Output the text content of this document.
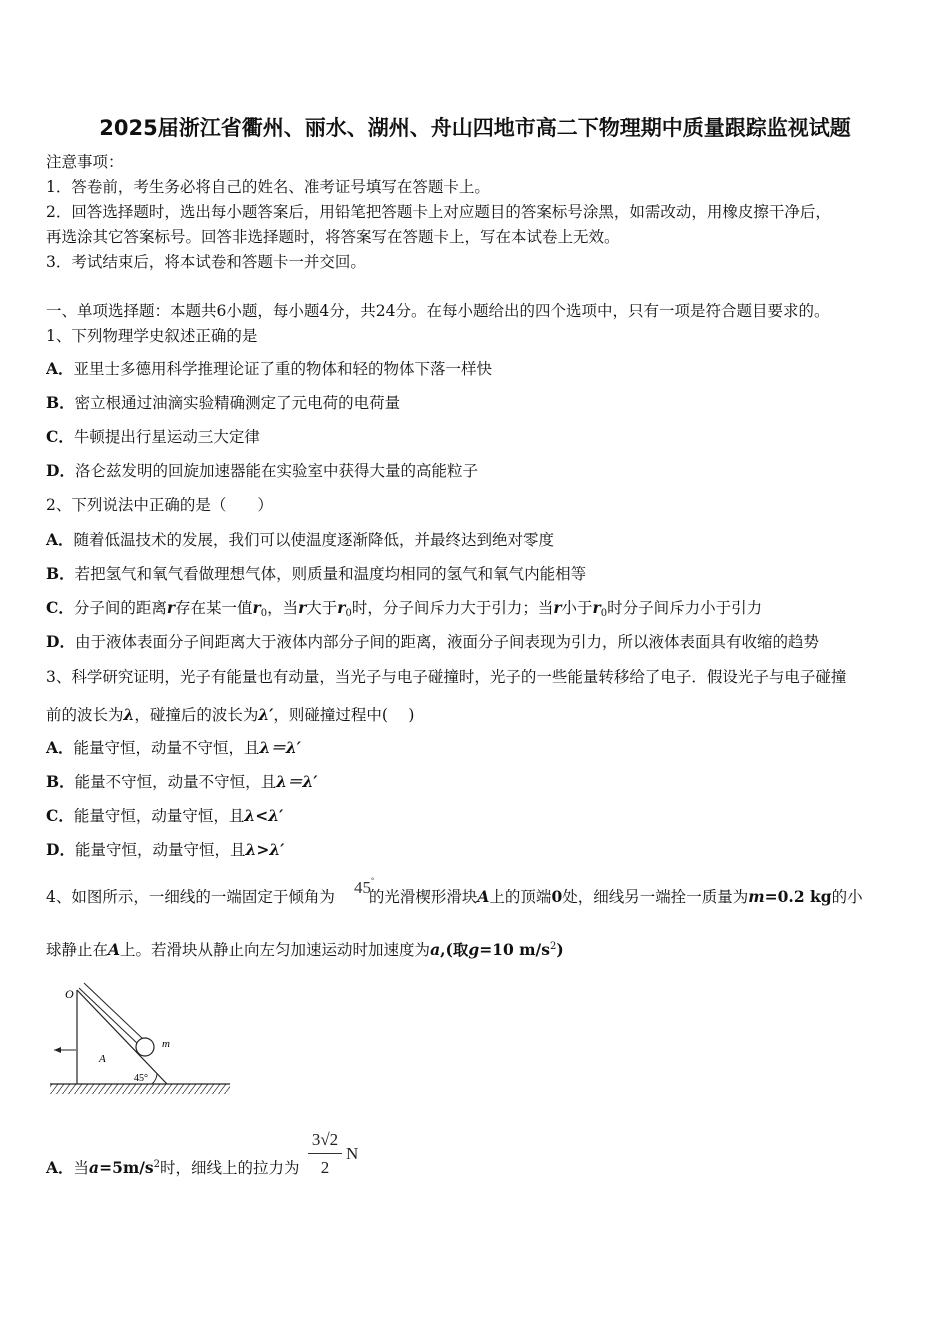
2025届浙江省衢州、丽水、湖州、舟山四地市高二下物理期中质量跟踪监视试题
注意事项：
1．答卷前，考生务必将自己的姓名、准考证号填写在答题卡上。
2．回答选择题时，选出每小题答案后，用铅笔把答题卡上对应题目的答案标号涂黑，如需改动，用橡皮擦干净后，
再选涂其它答案标号。回答非选择题时，将答案写在答题卡上，写在本试卷上无效。
3．考试结束后，将本试卷和答题卡一并交回。
一、单项选择题：本题共6小题，每小题4分，共24分。在每小题给出的四个选项中，只有一项是符合题目要求的。
1、下列物理学史叙述正确的是
A．亚里士多德用科学推理论证了重的物体和轻的物体下落一样快
B．密立根通过油滴实验精确测定了元电荷的电荷量
C．牛顿提出行星运动三大定律
D．洛仑兹发明的回旋加速器能在实验室中获得大量的高能粒子
2、下列说法中正确的是（　　）
A．随着低温技术的发展，我们可以使温度逐渐降低，并最终达到绝对零度
B．若把氢气和氧气看做理想气体，则质量和温度均相同的氢气和氧气内能相等
C．分子间的距离r存在某一值$r_0$，当r大于$r_0$时，分子间斥力大于引力；当r小于$r_0$时分子间斥力小于引力
D．由于液体表面分子间距离大于液体内部分子间的距离，液面分子间表现为引力，所以液体表面具有收缩的趋势
3、科学研究证明，光子有能量也有动量，当光子与电子碰撞时，光子的一些能量转移给了电子．假设光子与电子碰撞
前的波长为λ，碰撞后的波长为λ′，则碰撞过程中(　 )
A．能量守恒，动量不守恒，且λ＝λ′
B．能量不守恒，动量不守恒，且λ＝λ′
C．能量守恒，动量守恒，且λ<λ′
D．能量守恒，动量守恒，且λ>λ′
4、如图所示，一细线的一端固定于倾角为 的光滑楔形滑块A上的顶端0处，细线另一端拴一质量为m=0.2 kg的小
45°
球静止在A上。若滑块从静止向左匀加速运动时加速度为a,(取g=10 $m/s^2$)
O
m
A
45°
A．当$a=5m/s^2$时，细线上的拉力为
3√2
2
N
